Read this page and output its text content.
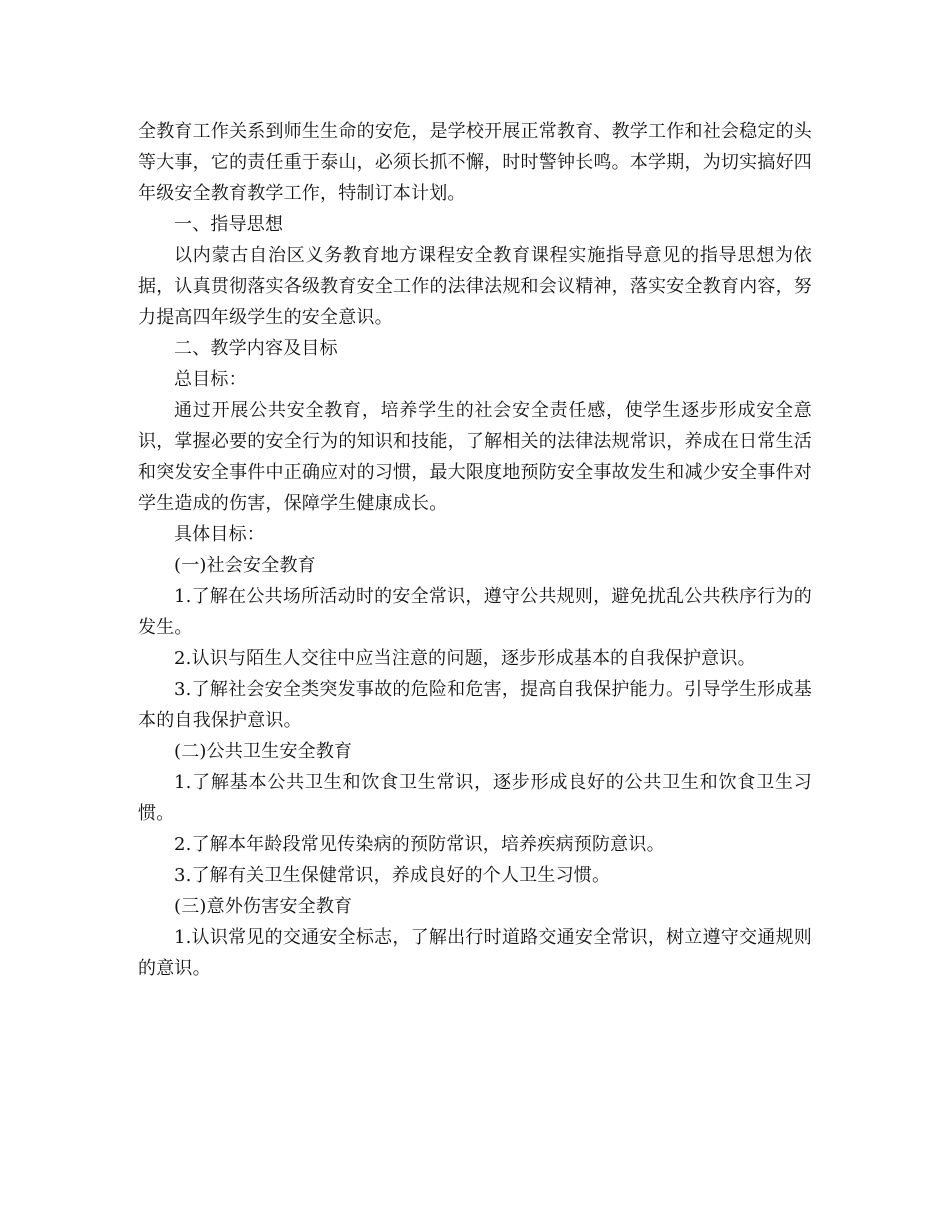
全教育工作关系到师生生命的安危，是学校开展正常教育、教学工作和社会稳定的头等大事，它的责任重于泰山，必须长抓不懈，时时警钟长鸣。本学期，为切实搞好四年级安全教育教学工作，特制订本计划。

一、指导思想

以内蒙古自治区义务教育地方课程安全教育课程实施指导意见的指导思想为依据，认真贯彻落实各级教育安全工作的法律法规和会议精神，落实安全教育内容，努力提高四年级学生的安全意识。

二、教学内容及目标

总目标：

通过开展公共安全教育，培养学生的社会安全责任感，使学生逐步形成安全意识，掌握必要的安全行为的知识和技能，了解相关的法律法规常识，养成在日常生活和突发安全事件中正确应对的习惯，最大限度地预防安全事故发生和减少安全事件对学生造成的伤害，保障学生健康成长。

具体目标：

(一)社会安全教育

1.了解在公共场所活动时的安全常识，遵守公共规则，避免扰乱公共秩序行为的发生。

2.认识与陌生人交往中应当注意的问题，逐步形成基本的自我保护意识。

3.了解社会安全类突发事故的危险和危害，提高自我保护能力。引导学生形成基本的自我保护意识。

(二)公共卫生安全教育

1.了解基本公共卫生和饮食卫生常识，逐步形成良好的公共卫生和饮食卫生习惯。

2.了解本年龄段常见传染病的预防常识，培养疾病预防意识。

3.了解有关卫生保健常识，养成良好的个人卫生习惯。

(三)意外伤害安全教育

1.认识常见的交通安全标志，了解出行时道路交通安全常识，树立遵守交通规则的意识。
